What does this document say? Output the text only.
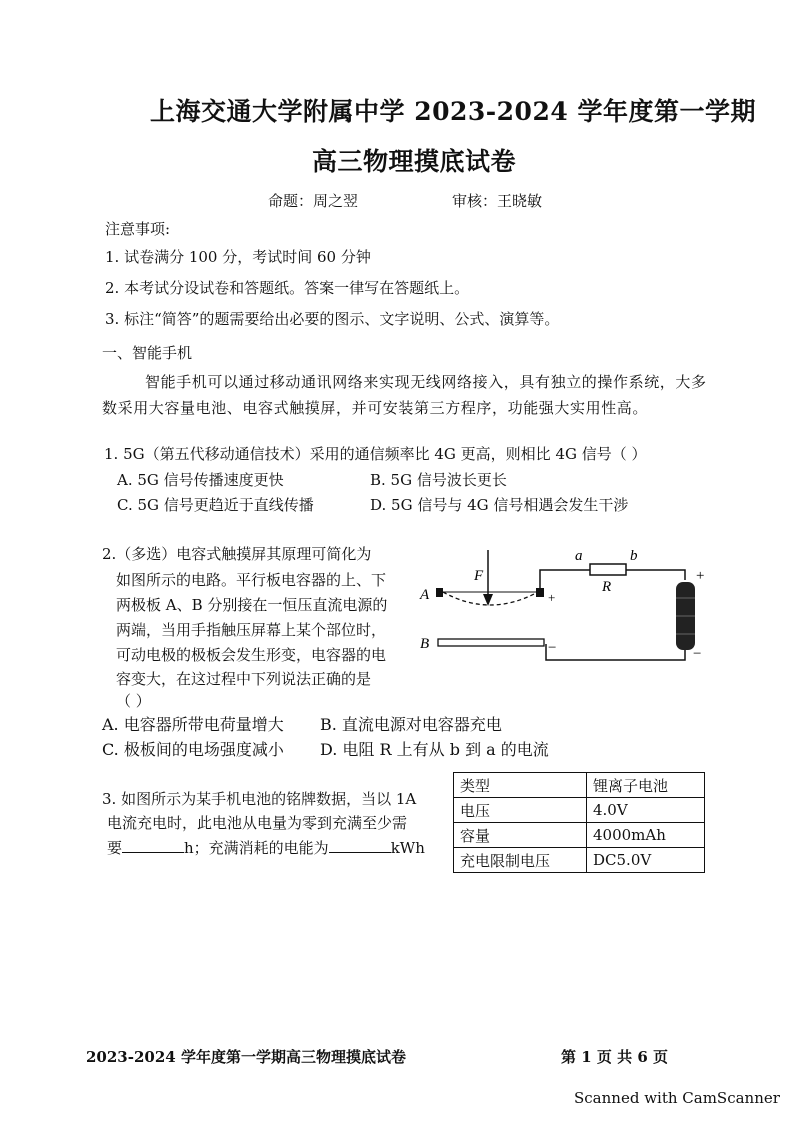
上海交通大学附属中学 2023-2024 学年度第一学期
高三物理摸底试卷
命题：周之翌	审核：王晓敏
注意事项:
1. 试卷满分 100 分，考试时间 60 分钟
2. 本考试分设试卷和答题纸。答案一律写在答题纸上。
3. 标注“简答”的题需要给出必要的图示、文字说明、公式、演算等。
一、智能手机
智能手机可以通过移动通讯网络来实现无线网络接入，具有独立的操作系统，大多
数采用大容量电池、电容式触摸屏，并可安装第三方程序，功能强大实用性高。
1. 5G（第五代移动通信技术）采用的通信频率比 4G 更高，则相比 4G 信号（ ）
A. 5G 信号传播速度更快	B. 5G 信号波长更长
C. 5G 信号更趋近于直线传播	D. 5G 信号与 4G 信号相遇会发生干涉
2.（多选）电容式触摸屏其原理可简化为
如图所示的电路。平行板电容器的上、下
两极板 A、B 分别接在一恒压直流电源的
两端，当用手指触压屏幕上某个部位时，
可动电极的极板会发生形变，电容器的电
容变大，在这过程中下列说法正确的是
（ ）
F
A	+
a	b
R
+
−
B	−
A. 电容器所带电荷量增大 B. 直流电源对电容器充电
C. 极板间的电场强度减小 D. 电阻 R 上有从 b 到 a 的电流
3. 如图所示为某手机电池的铭牌数据，当以 1A
电流充电时，此电池从电量为零到充满至少需
要	h；充满消耗的电能为	kWh
类型	锂离子电池
电压	4.0V
容量	4000mAh
充电限制电压	DC5.0V
2023-2024 学年度第一学期高三物理摸底试卷	第 1 页 共 6 页
Scanned with CamScanner
